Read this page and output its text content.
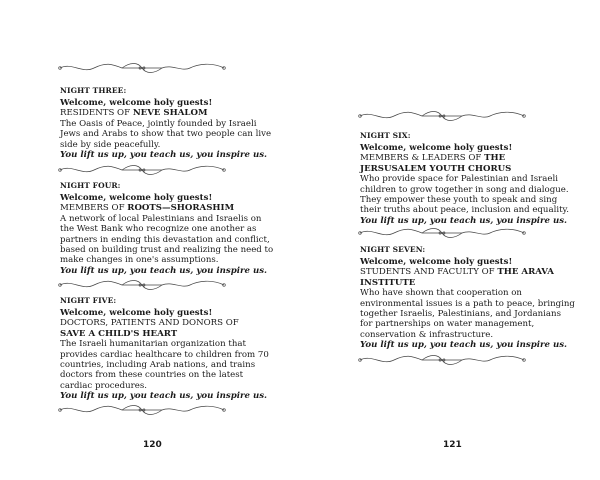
NIGHT THREE:
Welcome, welcome holy guests!
RESIDENTS OF NEVE SHALOM
The Oasis of Peace, jointly founded by Israeli
Jews and Arabs to show that two people can live
side by side peacefully.
You lift us up, you teach us, you inspire us.
NIGHT FOUR:
Welcome, welcome holy guests!
MEMBERS OF ROOTS—SHORASHIM
A network of local Palestinians and Israelis on
the West Bank who recognize one another as
partners in ending this devastation and conflict,
based on building trust and realizing the need to
make changes in one's assumptions.
You lift us up, you teach us, you inspire us.
NIGHT FIVE:
Welcome, welcome holy guests!
DOCTORS, PATIENTS AND DONORS OF
SAVE A CHILD'S HEART
The Israeli humanitarian organization that
provides cardiac healthcare to children from 70
countries, including Arab nations, and trains
doctors from these countries on the latest
cardiac procedures.
You lift us up, you teach us, you inspire us.
120
NIGHT SIX:
Welcome, welcome holy guests!
MEMBERS & LEADERS OF THE
JERSUSALEM YOUTH CHORUS
Who provide space for Palestinian and Israeli
children to grow together in song and dialogue.
They empower these youth to speak and sing
their truths about peace, inclusion and equality.
You lift us up, you teach us, you inspire us.
NIGHT SEVEN:
Welcome, welcome holy guests!
STUDENTS AND FACULTY OF THE ARAVA
INSTITUTE
Who have shown that cooperation on
environmental issues is a path to peace, bringing
together Israelis, Palestinians, and Jordanians
for partnerships on water management,
conservation & infrastructure.
You lift us up, you teach us, you inspire us.
121
